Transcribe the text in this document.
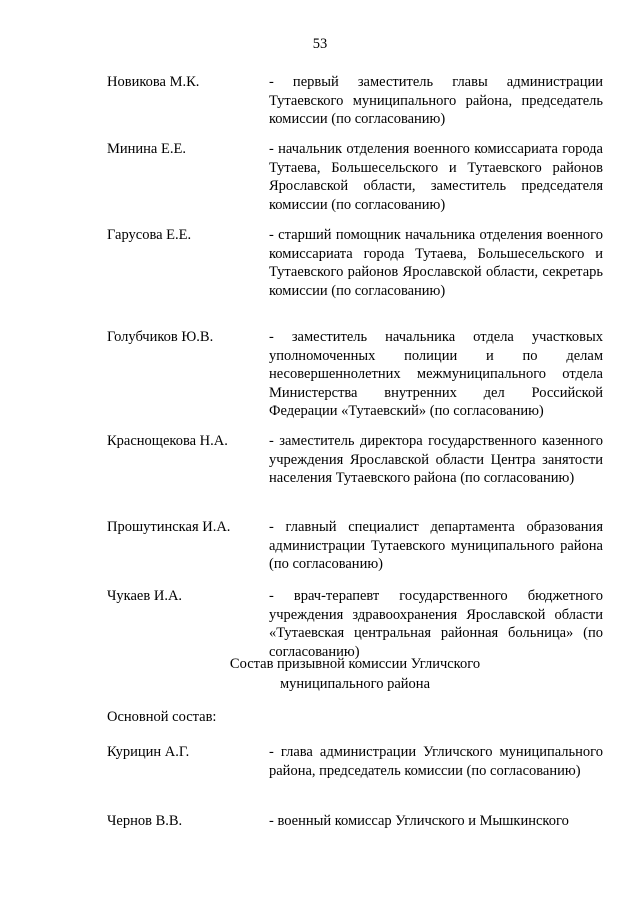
53
Новикова М.К.	- первый заместитель главы администрации Тутаевского муниципального района, председатель комиссии (по согласованию)
Минина Е.Е.	- начальник отделения военного комиссариата города Тутаева, Большесельского и Тутаевского районов Ярославской области, заместитель председателя комиссии (по согласованию)
Гарусова Е.Е.	- старший помощник начальника отделения военного комиссариата города Тутаева, Большесельского и Тутаевского районов Ярославской области, секретарь комиссии (по согласованию)
Голубчиков Ю.В.	- заместитель начальника отдела участковых уполномоченных полиции и по делам несовершеннолетних межмуниципального отдела Министерства внутренних дел Российской Федерации «Тутаевский» (по согласованию)
Краснощекова Н.А.	- заместитель директора государственного казенного учреждения Ярославской области Центра занятости населения Тутаевского района (по согласованию)
Прошутинская И.А.	- главный специалист департамента образования администрации Тутаевского муниципального района (по согласованию)
Чукаев И.А.	- врач-терапевт государственного бюджетного учреждения здравоохранения Ярославской области «Тутаевская центральная районная больница» (по согласованию)
Состав призывной комиссии Угличского муниципального района
Основной состав:
Курицин А.Г.	- глава администрации Угличского муниципального района, председатель комиссии (по согласованию)
Чернов В.В.	- военный комиссар Угличского и Мышкинского
